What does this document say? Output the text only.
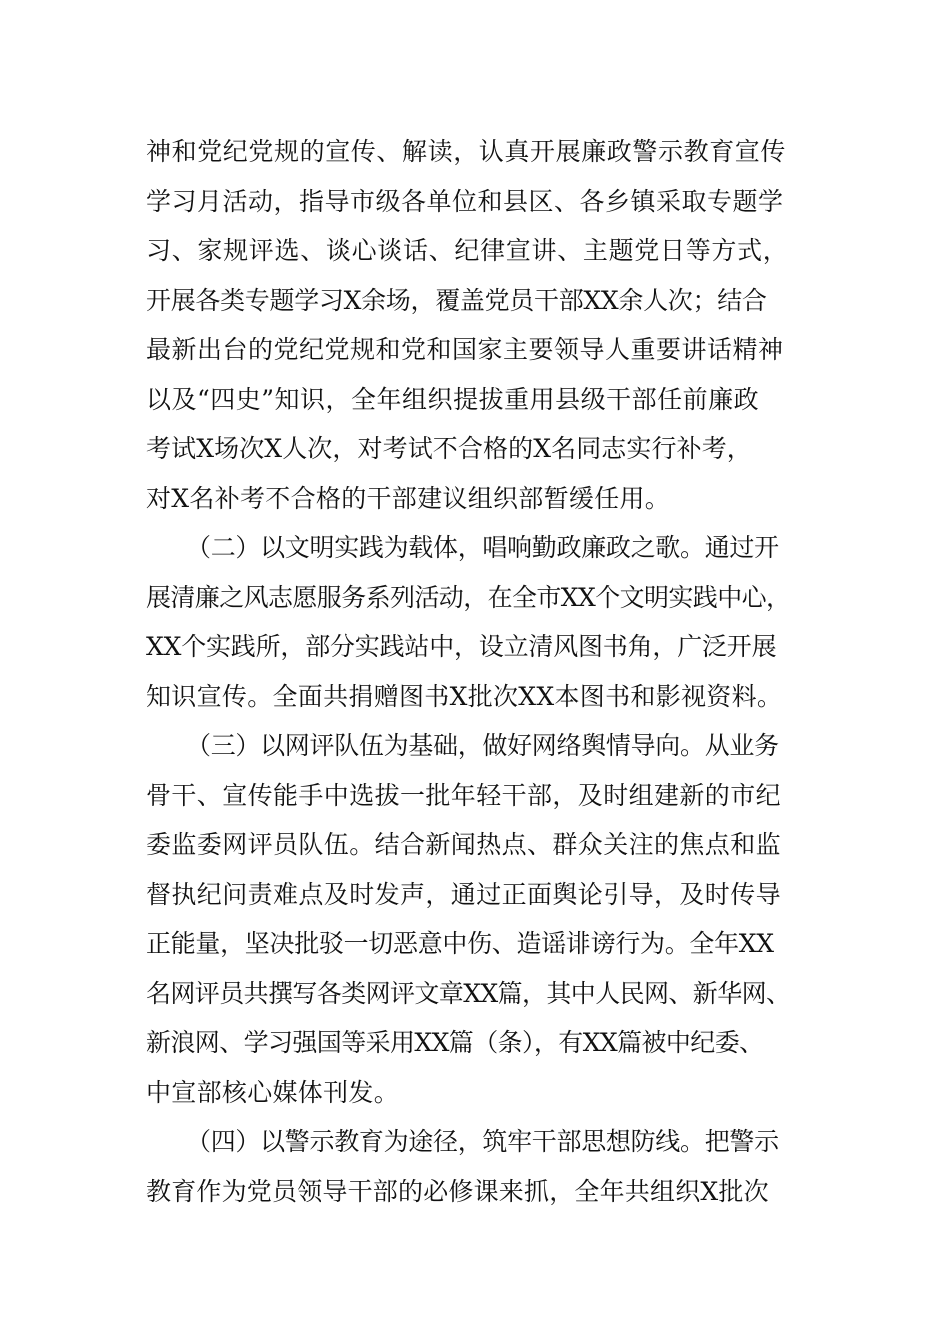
神和党纪党规的宣传、解读，认真开展廉政警示教育宣传
学习月活动，指导市级各单位和县区、各乡镇采取专题学
习、家规评选、谈心谈话、纪律宣讲、主题党日等方式，
开展各类专题学习X余场，覆盖党员干部XX余人次；结合
最新出台的党纪党规和党和国家主要领导人重要讲话精神
以及“四史”知识，全年组织提拔重用县级干部任前廉政
考试X场次X人次，对考试不合格的X名同志实行补考，
对X名补考不合格的干部建议组织部暂缓任用。
（二）以文明实践为载体，唱响勤政廉政之歌。通过开
展清廉之风志愿服务系列活动，在全市XX个文明实践中心，
XX个实践所，部分实践站中，设立清风图书角，广泛开展
知识宣传。全面共捐赠图书X批次XX本图书和影视资料。
（三）以网评队伍为基础，做好网络舆情导向。从业务
骨干、宣传能手中选拔一批年轻干部，及时组建新的市纪
委监委网评员队伍。结合新闻热点、群众关注的焦点和监
督执纪问责难点及时发声，通过正面舆论引导，及时传导
正能量，坚决批驳一切恶意中伤、造谣诽谤行为。全年XX
名网评员共撰写各类网评文章XX篇，其中人民网、新华网、
新浪网、学习强国等采用XX篇（条），有XX篇被中纪委、
中宣部核心媒体刊发。
（四）以警示教育为途径，筑牢干部思想防线。把警示
教育作为党员领导干部的必修课来抓，全年共组织X批次
